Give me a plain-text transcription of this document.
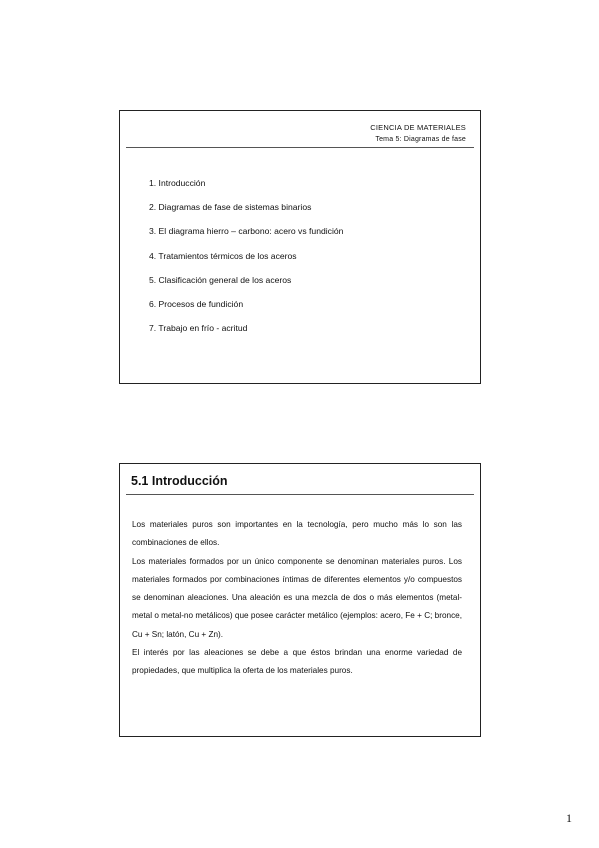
CIENCIA DE MATERIALES
Tema 5: Diagramas de fase
1. Introducción
2. Diagramas de fase de sistemas binarios
3. El diagrama hierro – carbono: acero vs fundición
4. Tratamientos térmicos de los aceros
5. Clasificación general de los aceros
6. Procesos de fundición
7. Trabajo en frío - acritud
5.1 Introducción

Los materiales puros son importantes en la tecnología, pero mucho más lo son las combinaciones de ellos.

Los materiales formados por un único componente se denominan materiales puros. Los materiales formados por combinaciones íntimas de diferentes elementos y/o compuestos se denominan aleaciones. Una aleación es una mezcla de dos o más elementos (metal-metal o metal-no metálicos) que posee carácter metálico (ejemplos: acero, Fe + C; bronce, Cu + Sn; latón, Cu + Zn).

El interés por las aleaciones se debe a que éstos brindan una enorme variedad de propiedades, que multiplica la oferta de los materiales puros.

1
